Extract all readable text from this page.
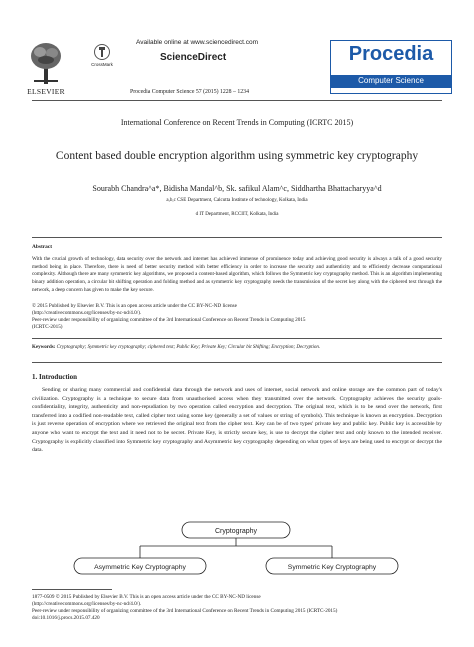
ELSEVIER
CrossMark
Available online at www.sciencedirect.com
ScienceDirect
Procedia Computer Science 57 (2015) 1228 – 1234
Procedia
Computer Science
International Conference on Recent Trends in Computing (ICRTC 2015)
Content based double encryption algorithm using symmetric key cryptography
Sourabh Chandra^a*, Bidisha Mandal^b, Sk. safikul Alam^c, Siddhartha Bhattacharyya^d
a,b,c CSE Department, Calcutta Institute of technology, Kolkata, India
d IT Department, RCCIIT, Kolkata, India
Abstract
With the crucial growth of technology, data security over the network and internet has achieved immense of prominence today and achieving good security is always a talk of a good security method being in place. Therefore, there is need of better security method with better efficiency in order to increase the security and authenticity and to efficiently decrease computational complexity. Although there are many symmetric key algorithms, we proposed a content-based algorithm, which follows the Symmetric key cryptography method. This is an algorithm implementing binary addition operation, a circular bit shifting operation and folding method and as symmetric key cryptography needs the transmission of the secret key along with the ciphered text through the network, a deep concern has given to make the key secure.
© 2015 Published by Elsevier B.V. This is an open access article under the CC BY-NC-ND license
(http://creativecommons.org/licenses/by-nc-nd/4.0/).
Peer-review under responsibility of organizing committee of the 3rd International Conference on Recent Trends in Computing 2015
(ICRTC-2015)
Keywords: Cryptography; Symmetric key cryptography; ciphered text; Public Key; Private Key; Circular bit Shifting; Encryption; Decryption.
1. Introduction
Sending or sharing many commercial and confidential data through the network and uses of internet, social network and online storage are the common part of today's civilization. Cryptography is a technique to secure data from unauthorised access when they transmitted over the network. Cryptography achieves the security goals- confidentiality, integrity, authenticity and non-repudiation by two operation called encryption and decryption. The original text, which is to be send over the network, first transferred into a codified non-readable text, called cipher text using some key (generally a set of values or string of symbols). This technique is known as encryption. Decryption is just reverse operation of encryption where we retrieved the original text from the cipher text. Key can be of two types' private key and public key. Public key is accessible by anyone who want to encrypt the text and it need not to be secret. Private Key, is strictly secure key, is use to decrypt the cipher text and only known to the intended receiver. Cryptography is explicitly classified into Symmetric key cryptography and Asymmetric key cryptography depending on what types of keys are being used to encrypt or decrypt the data.
Cryptography
Asymmetric Key Cryptography	Symmetric Key Cryptography
1877-0509 © 2015 Published by Elsevier B.V. This is an open access article under the CC BY-NC-ND license
(http://creativecommons.org/licenses/by-nc-nd/4.0/).
Peer-review under responsibility of organizing committee of the 3rd International Conference on Recent Trends in Computing 2015 (ICRTC-2015)
doi:10.1016/j.procs.2015.07.420
